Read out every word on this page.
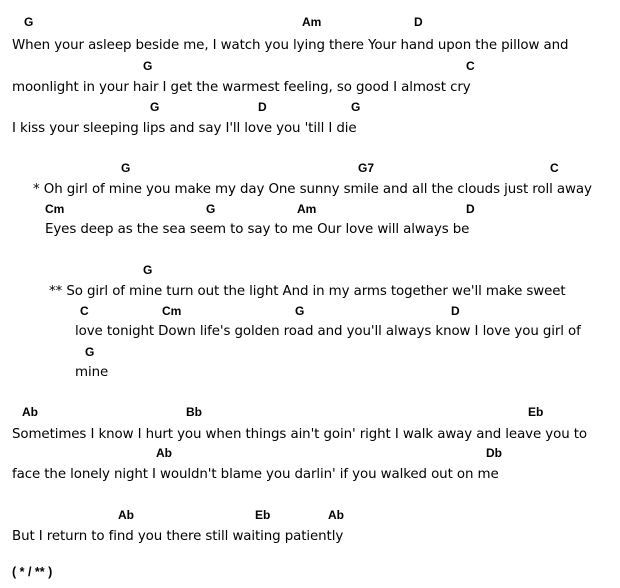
G	Am	D
When your asleep beside me, I watch you lying there Your hand upon the pillow and
G	C
moonlight in your hair I get the warmest feeling, so good I almost cry
G	D	G
I kiss your sleeping lips and say I'll love you 'till I die
G	G7	C
* Oh girl of mine you make my day One sunny smile and all the clouds just roll away
Cm	G	Am	D
Eyes deep as the sea seem to say to me Our love will always be
G
** So girl of mine turn out the light And in my arms together we'll make sweet
C	Cm	G	D
love tonight Down life's golden road and you'll always know I love you girl of
G
mine
Ab	Bb	Eb
Sometimes I know I hurt you when things ain't goin' right I walk away and leave you to
Ab	Db
face the lonely night I wouldn't blame you darlin' if you walked out on me
Ab	Eb	Ab
But I return to find you there still waiting patiently
( * / ** )
